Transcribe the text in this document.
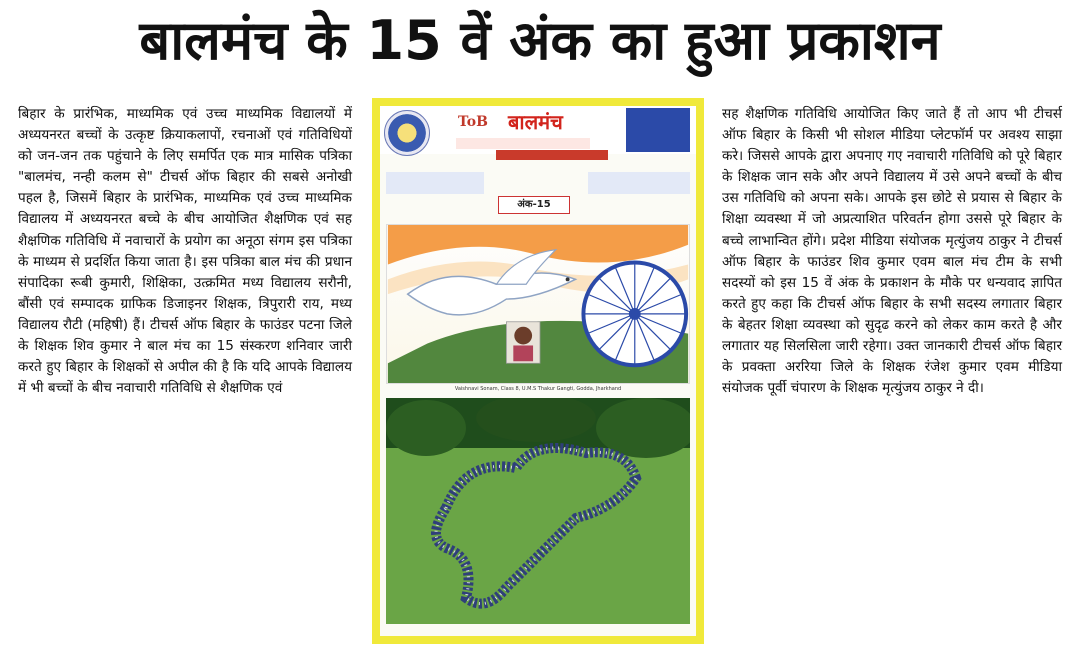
बालमंच के 15 वें अंक का हुआ प्रकाशन

बिहार के प्रारंभिक, माध्यमिक एवं उच्च माध्यमिक विद्यालयों में अध्ययनरत बच्चों के उत्कृष्ट क्रियाकलापों, रचनाओं एवं गतिविधियों को जन-जन तक पहुंचाने के लिए समर्पित एक मात्र मासिक पत्रिका "बालमंच, नन्ही कलम से" टीचर्स ऑफ बिहार की सबसे अनोखी पहल है, जिसमें बिहार के प्रारंभिक, माध्यमिक एवं उच्च माध्यमिक विद्यालय में अध्ययनरत बच्चे के बीच आयोजित शैक्षणिक एवं सह शैक्षणिक गतिविधि में नवाचारों के प्रयोग का अनूठा संगम इस पत्रिका के माध्यम से प्रदर्शित किया जाता है। इस पत्रिका बाल मंच की प्रधान संपादिका रूबी कुमारी, शिक्षिका, उत्क्रमित मध्य विद्यालय सरौनी, बौंसी एवं सम्पादक ग्राफिक डिजाइनर शिक्षक, त्रिपुरारी राय, मध्य विद्यालय रौटी (महिषी) हैं। टीचर्स ऑफ बिहार के फाउंडर पटना जिले के शिक्षक शिव कुमार ने बाल मंच का 15 संस्करण शनिवार जारी करते हुए बिहार के शिक्षकों से अपील की है कि यदि आपके विद्यालय में भी बच्चों के बीच नवाचारी गतिविधि से शैक्षणिक एवं

ToB बालमंच
अंक-15
Vaishnavi Sonam, Class 8, U.M.S Thakur Gangti, Godda, Jharkhand

सह शैक्षणिक गतिविधि आयोजित किए जाते हैं तो आप भी टीचर्स ऑफ बिहार के किसी भी सोशल मीडिया प्लेटफॉर्म पर अवश्य साझा करे। जिससे आपके द्वारा अपनाए गए नवाचारी गतिविधि को पूरे बिहार के शिक्षक जान सके और अपने विद्यालय में उसे अपने बच्चों के बीच उस गतिविधि को अपना सके। आपके इस छोटे से प्रयास से बिहार के शिक्षा व्यवस्था में जो अप्रत्याशित परिवर्तन होगा उससे पूरे बिहार के बच्चे लाभान्वित होंगे। प्रदेश मीडिया संयोजक मृत्युंजय ठाकुर ने टीचर्स ऑफ बिहार के फाउंडर शिव कुमार एवम बाल मंच टीम के सभी सदस्यों को इस 15 वें अंक के प्रकाशन के मौके पर धन्यवाद ज्ञापित करते हुए कहा कि टीचर्स ऑफ बिहार के सभी सदस्य लगातार बिहार के बेहतर शिक्षा व्यवस्था को सुदृढ करने को लेकर काम करते है और लगातार यह सिलसिला जारी रहेगा। उक्त जानकारी टीचर्स ऑफ बिहार के प्रवक्ता अररिया जिले के शिक्षक रंजेश कुमार एवम मीडिया संयोजक पूर्वी चंपारण के शिक्षक मृत्युंजय ठाकुर ने दी।
